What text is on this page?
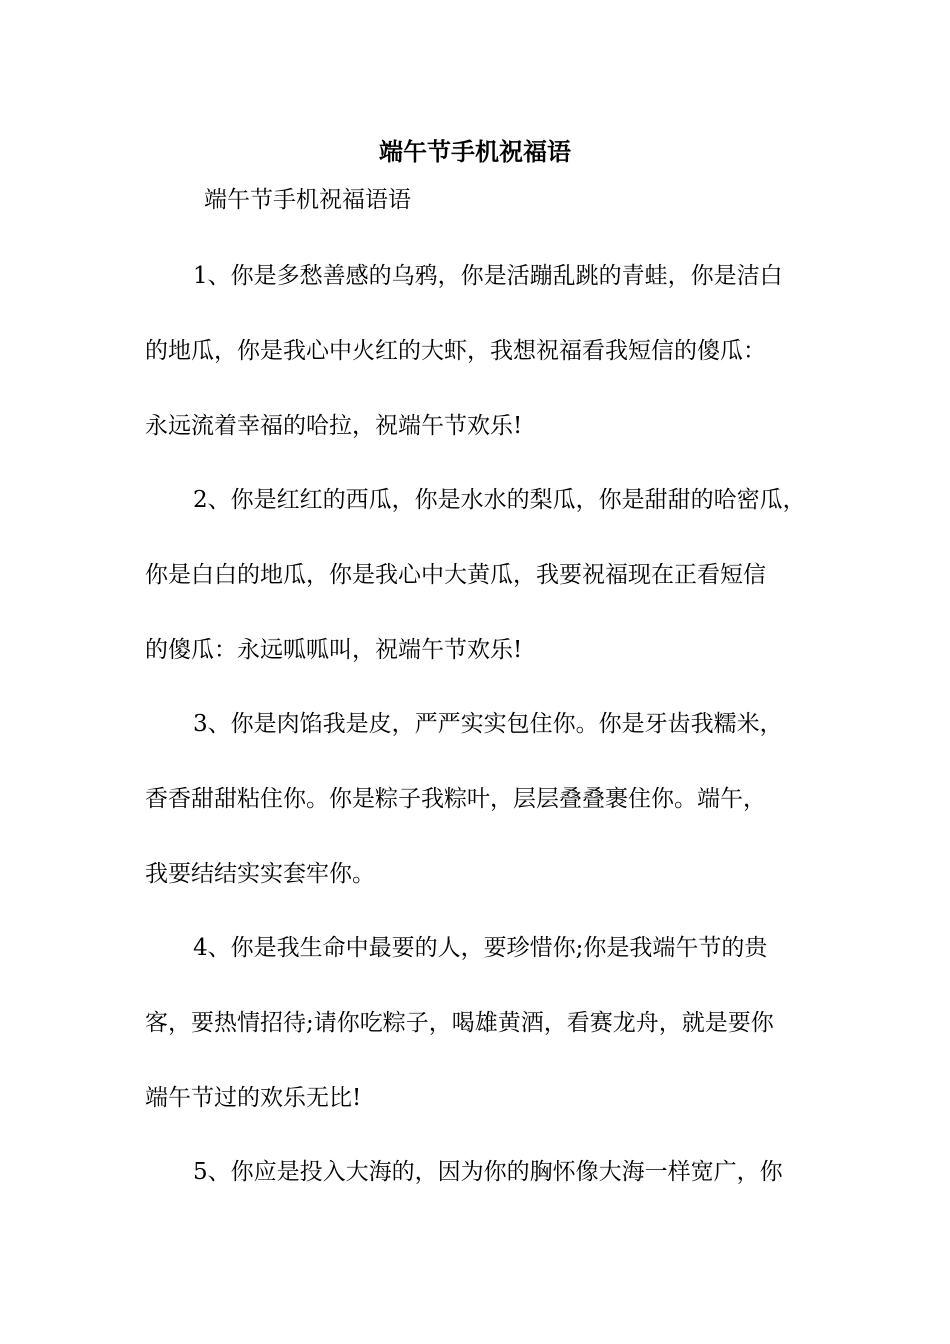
端午节手机祝福语
端午节手机祝福语语
1、你是多愁善感的乌鸦，你是活蹦乱跳的青蛙，你是洁白
的地瓜，你是我心中火红的大虾，我想祝福看我短信的傻瓜：
永远流着幸福的哈拉，祝端午节欢乐!
2、你是红红的西瓜，你是水水的梨瓜，你是甜甜的哈密瓜，
你是白白的地瓜，你是我心中大黄瓜，我要祝福现在正看短信
的傻瓜：永远呱呱叫，祝端午节欢乐!
3、你是肉馅我是皮，严严实实包住你。你是牙齿我糯米，
香香甜甜粘住你。你是粽子我粽叶，层层叠叠裹住你。端午，
我要结结实实套牢你。
4、你是我生命中最要的人，要珍惜你;你是我端午节的贵
客，要热情招待;请你吃粽子，喝雄黄酒，看赛龙舟，就是要你
端午节过的欢乐无比!
5、你应是投入大海的，因为你的胸怀像大海一样宽广，你
